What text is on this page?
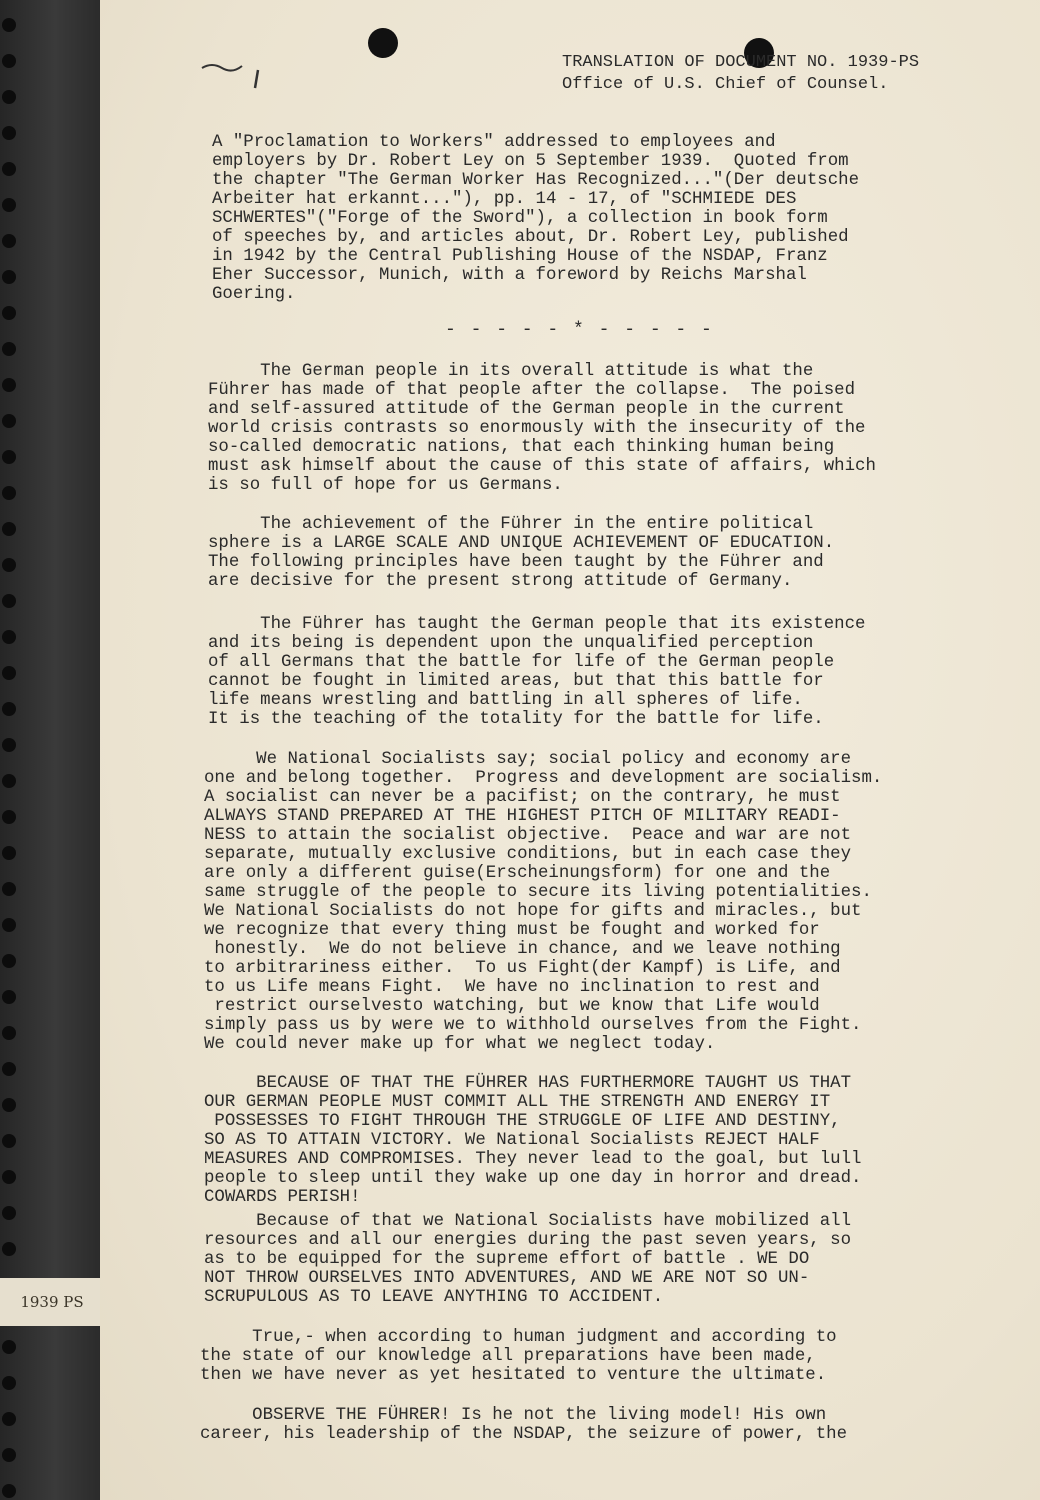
1939 PS
TRANSLATION OF DOCUMENT NO. 1939-PS
Office of U.S. Chief of Counsel.
A "Proclamation to Workers" addressed to employees and
employers by Dr. Robert Ley on 5 September 1939.  Quoted from
the chapter "The German Worker Has Recognized..."(Der deutsche
Arbeiter hat erkannt..."), pp. 14 - 17, of "SCHMIEDE DES
SCHWERTES"("Forge of the Sword"), a collection in book form
of speeches by, and articles about, Dr. Robert Ley, published
in 1942 by the Central Publishing House of the NSDAP, Franz
Eher Successor, Munich, with a foreword by Reichs Marshal
Goering.
- - - - - * - - - - -
The German people in its overall attitude is what the
Führer has made of that people after the collapse.  The poised
and self-assured attitude of the German people in the current
world crisis contrasts so enormously with the insecurity of the
so-called democratic nations, that each thinking human being
must ask himself about the cause of this state of affairs, which
is so full of hope for us Germans.
The achievement of the Führer in the entire political
sphere is a LARGE SCALE AND UNIQUE ACHIEVEMENT OF EDUCATION.
The following principles have been taught by the Führer and
are decisive for the present strong attitude of Germany.
The Führer has taught the German people that its existence
and its being is dependent upon the unqualified perception
of all Germans that the battle for life of the German people
cannot be fought in limited areas, but that this battle for
life means wrestling and battling in all spheres of life.
It is the teaching of the totality for the battle for life.
We National Socialists say; social policy and economy are
one and belong together.  Progress and development are socialism.
A socialist can never be a pacifist; on the contrary, he must
ALWAYS STAND PREPARED AT THE HIGHEST PITCH OF MILITARY READI-
NESS to attain the socialist objective.  Peace and war are not
separate, mutually exclusive conditions, but in each case they
are only a different guise(Erscheinungsform) for one and the
same struggle of the people to secure its living potentialities.
We National Socialists do not hope for gifts and miracles., but
we recognize that every thing must be fought and worked for
honestly.  We do not believe in chance, and we leave nothing
to arbitrariness either.  To us Fight(der Kampf) is Life, and
to us Life means Fight.  We have no inclination to rest and
restrict ourselvesto watching, but we know that Life would
simply pass us by were we to withhold ourselves from the Fight.
We could never make up for what we neglect today.
BECAUSE OF THAT THE FÜHRER HAS FURTHERMORE TAUGHT US THAT
OUR GERMAN PEOPLE MUST COMMIT ALL THE STRENGTH AND ENERGY IT
POSSESSES TO FIGHT THROUGH THE STRUGGLE OF LIFE AND DESTINY,
SO AS TO ATTAIN VICTORY. We National Socialists REJECT HALF
MEASURES AND COMPROMISES. They never lead to the goal, but lull
people to sleep until they wake up one day in horror and dread.
COWARDS PERISH!
Because of that we National Socialists have mobilized all
resources and all our energies during the past seven years, so
as to be equipped for the supreme effort of battle . WE DO
NOT THROW OURSELVES INTO ADVENTURES, AND WE ARE NOT SO UN-
SCRUPULOUS AS TO LEAVE ANYTHING TO ACCIDENT.
True,- when according to human judgment and according to
the state of our knowledge all preparations have been made,
then we have never as yet hesitated to venture the ultimate.
OBSERVE THE FÜHRER! Is he not the living model! His own
career, his leadership of the NSDAP, the seizure of power, the
